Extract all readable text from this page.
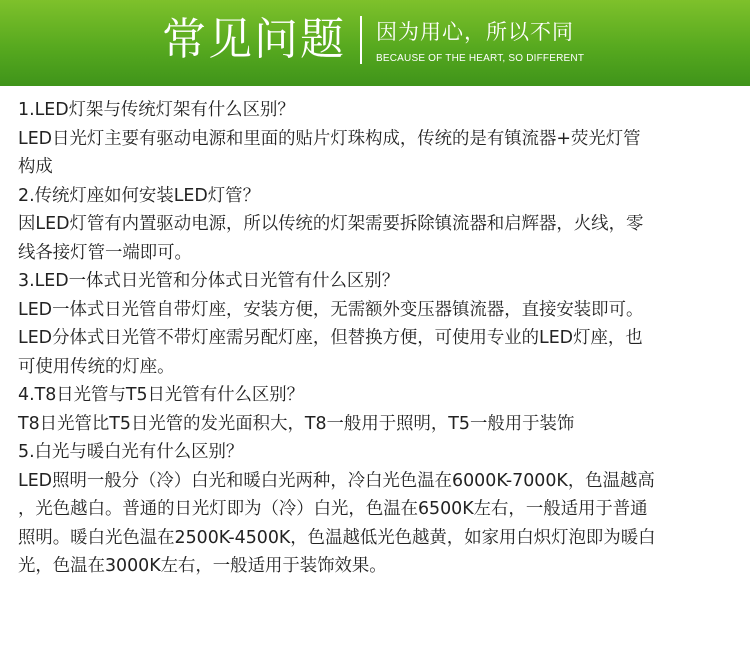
常见问题 因为用心，所以不同
BECAUSE OF THE HEART, SO DIFFERENT
1.LED灯架与传统灯架有什么区别？
LED日光灯主要有驱动电源和里面的贴片灯珠构成，传统的是有镇流器+荧光灯管
构成
2.传统灯座如何安装LED灯管？
因LED灯管有内置驱动电源，所以传统的灯架需要拆除镇流器和启辉器，火线，零
线各接灯管一端即可。
3.LED一体式日光管和分体式日光管有什么区别？
LED一体式日光管自带灯座，安装方便，无需额外变压器镇流器，直接安装即可。
LED分体式日光管不带灯座需另配灯座，但替换方便，可使用专业的LED灯座，也
可使用传统的灯座。
4.T8日光管与T5日光管有什么区别？
T8日光管比T5日光管的发光面积大，T8一般用于照明，T5一般用于装饰
5.白光与暖白光有什么区别？
LED照明一般分（冷）白光和暖白光两种，冷白光色温在6000K-7000K，色温越高
，光色越白。普通的日光灯即为（冷）白光，色温在6500K左右，一般适用于普通
照明。暖白光色温在2500K-4500K，色温越低光色越黄，如家用白炽灯泡即为暖白
光，色温在3000K左右，一般适用于装饰效果。
